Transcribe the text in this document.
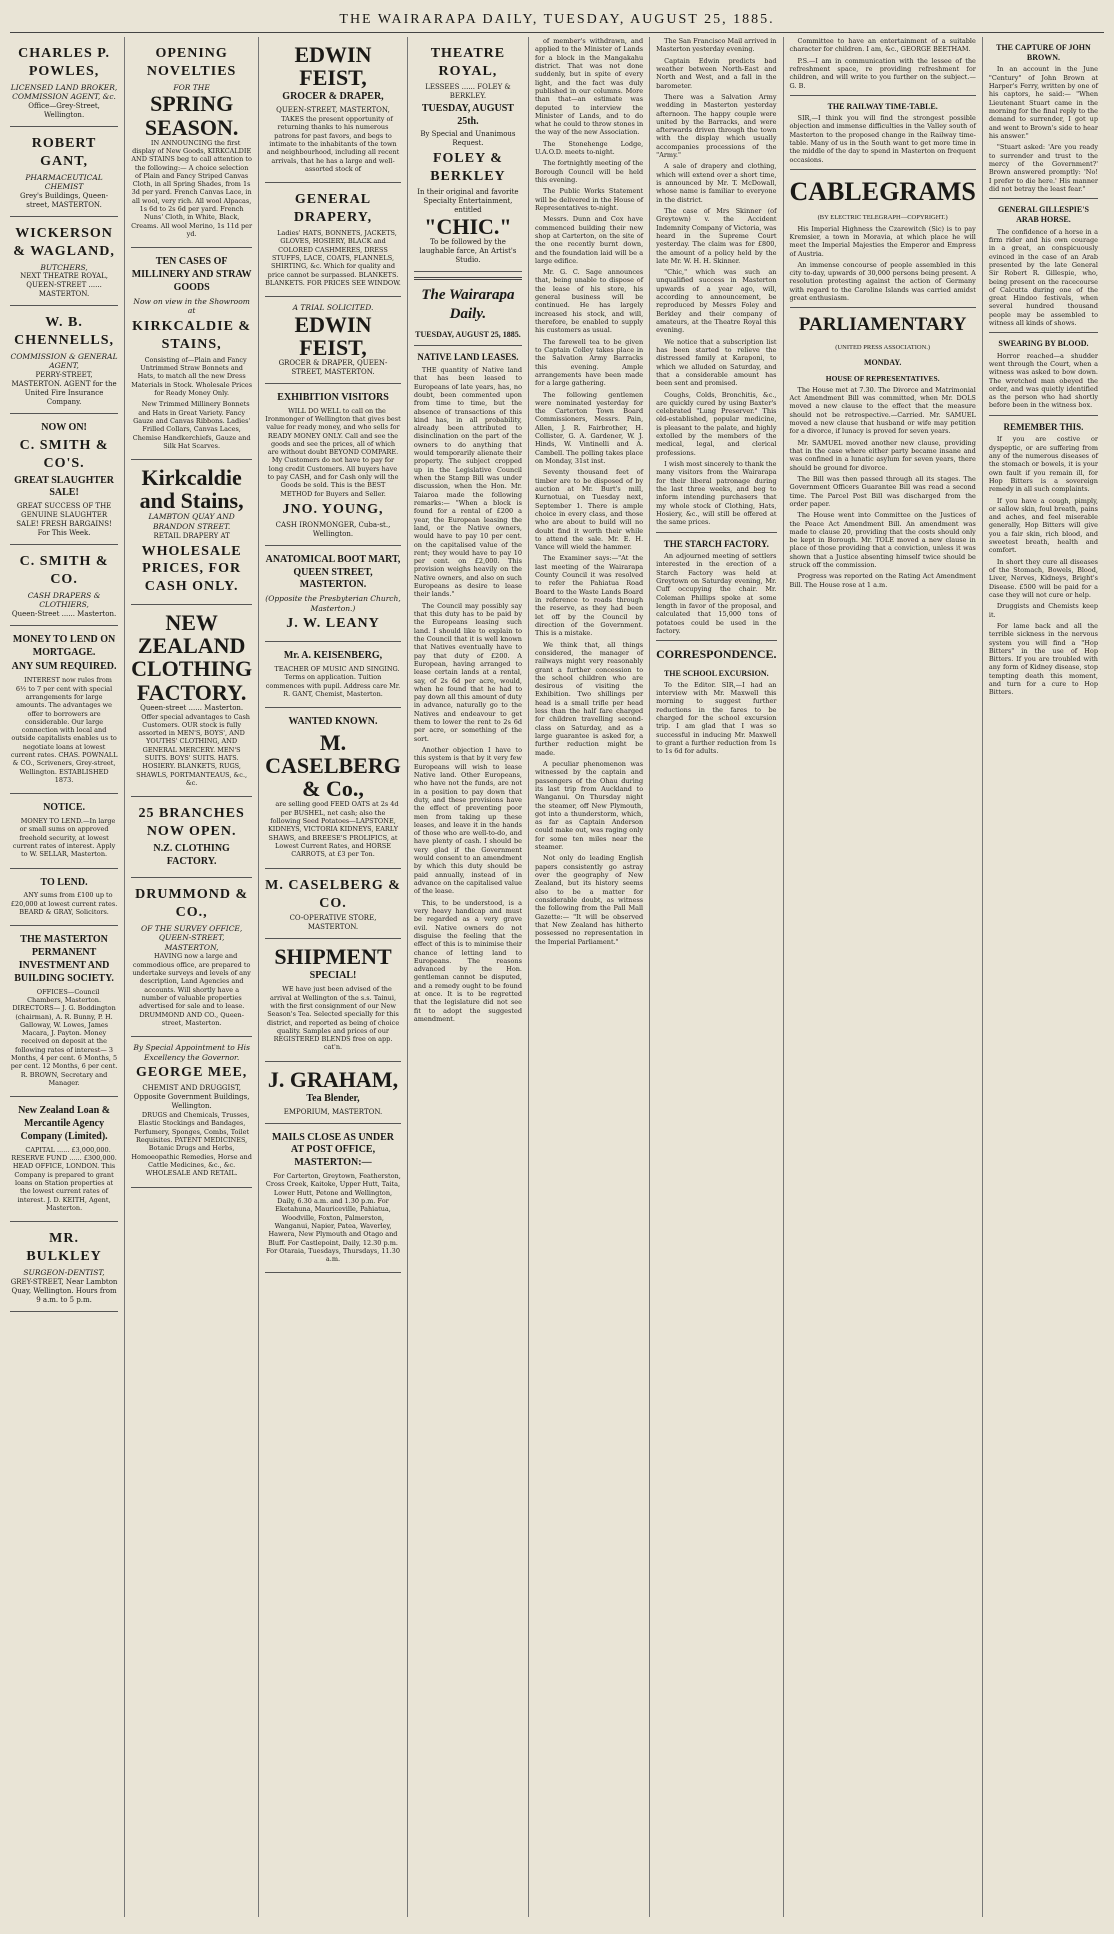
THE WAIRARAPA DAILY, TUESDAY, AUGUST 25, 1885.
CHARLES P. POWLES,
LICENSED LAND BROKER, COMMISSION AGENT, &c.
Office—Grey-Street, Wellington.
ROBERT GANT,
PHARMACEUTICAL CHEMIST
Grey's Buildings, Queen-street, MASTERTON.
WICKERSON & WAGLAND,
BUTCHERS,
NEXT THEATRE ROYAL, QUEEN-STREET ...... MASTERTON.
W. B. CHENNELLS,
COMMISSION & GENERAL AGENT,
PERRY-STREET, MASTERTON. AGENT for the United Fire Insurance Company.
NOW ON!
C. SMITH & CO'S.
GREAT SLAUGHTER SALE!
GREAT SUCCESS OF THE GENUINE SLAUGHTER SALE! FRESH BARGAINS! For This Week.
C. SMITH & CO.
CASH DRAPERS & CLOTHIERS,
Queen-Street ...... Masterton.
MONEY TO LEND ON MORTGAGE.
ANY SUM REQUIRED.

INTEREST now rules from 6½ to 7 per cent with special arrangements for large amounts. The advantages we offer to borrowers are considerable. Our large connection with local and outside capitalists enables us to negotiate loans at lowest current rates. CHAS. POWNALL & CO., Scriveners, Grey-street, Wellington. ESTABLISHED 1873.

NOTICE.

MONEY TO LEND.—In large or small sums on approved freehold security, at lowest current rates of interest. Apply to W. SELLAR, Masterton.

TO LEND.

ANY sums from £100 up to £20,000 at lowest current rates. BEARD & GRAY, Solicitors.

THE MASTERTON PERMANENT INVESTMENT AND BUILDING SOCIETY.

OFFICES—Council Chambers, Masterton. DIRECTORS— J. G. Boddington (chairman), A. R. Bunny, P. H. Galloway, W. Lowes, James Macara, J. Payton. Money received on deposit at the following rates of interest— 3 Months, 4 per cent. 6 Months, 5 per cent. 12 Months, 6 per cent. R. BROWN, Secretary and Manager.

New Zealand Loan & Mercantile Agency Company (Limited).

CAPITAL ...... £3,000,000. RESERVE FUND ...... £300,000. HEAD OFFICE, LONDON. This Company is prepared to grant loans on Station properties at the lowest current rates of interest. J. D. KEITH, Agent, Masterton.

MR. BULKLEY
SURGEON-DENTIST,
GREY-STREET, Near Lambton Quay, Wellington. Hours from 9 a.m. to 5 p.m.
OPENING NOVELTIES
FOR THE
SPRING SEASON.

IN ANNOUNCING the first display of New Goods, KIRKCALDIE AND STAINS beg to call attention to the following:— A choice selection of Plain and Fancy Striped Canvas Cloth, in all Spring Shades, from 1s 3d per yard. French Canvas Lace, in all wool, very rich. All wool Alpacas, 1s 6d to 2s 6d per yard. French Nuns' Cloth, in White, Black, Creams. All wool Merino, 1s 11d per yd.

TEN CASES OF MILLINERY AND STRAW GOODS
Now on view in the Showroom at
KIRKCALDIE & STAINS,

Consisting of—Plain and Fancy Untrimmed Straw Bonnets and Hats, to match all the new Dress Materials in Stock. Wholesale Prices for Ready Money Only.

New Trimmed Millinery Bonnets and Hats in Great Variety. Fancy Gauze and Canvas Ribbons. Ladies' Frilled Collars, Canvas Laces, Chemise Handkerchiefs, Gauze and Silk Hat Scarves.

Kirkcaldie and Stains,
LAMBTON QUAY AND BRANDON STREET.
RETAIL DRAPERY AT
WHOLESALE PRICES, FOR CASH ONLY.
NEW ZEALAND CLOTHING FACTORY.
Queen-street ...... Masterton.

Offer special advantages to Cash Customers. OUR stock is fully assorted in MEN'S, BOYS', AND YOUTHS' CLOTHING, AND GENERAL MERCERY. MEN'S SUITS. BOYS' SUITS. HATS. HOSIERY. BLANKETS, RUGS, SHAWLS, PORTMANTEAUS, &c., &c.

25 BRANCHES NOW OPEN.
N.Z. CLOTHING FACTORY.
DRUMMOND & CO.,
OF THE SURVEY OFFICE, QUEEN-STREET, MASTERTON,

HAVING now a large and commodious office, are prepared to undertake surveys and levels of any description, Land Agencies and accounts. Will shortly have a number of valuable properties advertised for sale and to lease. DRUMMOND AND CO., Queen-street, Masterton.

By Special Appointment to His Excellency the Governor.
GEORGE MEE,
CHEMIST AND DRUGGIST, Opposite Government Buildings, Wellington.

DRUGS and Chemicals, Trusses, Elastic Stockings and Bandages, Perfumery, Sponges, Combs, Toilet Requisites. PATENT MEDICINES, Botanic Drugs and Herbs, Homoeopathic Remedies, Horse and Cattle Medicines, &c., &c. WHOLESALE AND RETAIL.

EDWIN FEIST,
GROCER & DRAPER,
QUEEN-STREET, MASTERTON,

TAKES the present opportunity of returning thanks to his numerous patrons for past favors, and begs to intimate to the inhabitants of the town and neighbourhood, including all recent arrivals, that he has a large and well-assorted stock of

GENERAL DRAPERY,

Ladies' HATS, BONNETS, JACKETS, GLOVES, HOSIERY, BLACK and COLORED CASHMERES, DRESS STUFFS, LACE, COATS, FLANNELS, SHIRTING, &c. Which for quality and price cannot be surpassed. BLANKETS. BLANKETS. FOR PRICES SEE WINDOW.

A TRIAL SOLICITED.
EDWIN FEIST,
GROCER & DRAPER, QUEEN-STREET, MASTERTON.
EXHIBITION VISITORS

WILL DO WELL to call on the Ironmonger of Wellington that gives best value for ready money, and who sells for READY MONEY ONLY. Call and see the goods and see the prices, all of which are without doubt BEYOND COMPARE. My Customers do not have to pay for long credit Customers. All buyers have to pay CASH, and for Cash only will the Goods be sold. This is the BEST METHOD for Buyers and Seller.

JNO. YOUNG,
CASH IRONMONGER, Cuba-st., Wellington.
ANATOMICAL BOOT MART, QUEEN STREET, MASTERTON.
(Opposite the Presbyterian Church, Masterton.)
J. W. LEANY
Mr. A. KEISENBERG,

TEACHER OF MUSIC AND SINGING. Terms on application. Tuition commences with pupil. Address care Mr. R. GANT, Chemist, Masterton.

WANTED KNOWN.
M. CASELBERG & Co.,

are selling good FEED OATS at 2s 4d per BUSHEL, net cash; also the following Seed Potatoes—LAPSTONE, KIDNEYS, VICTORIA KIDNEYS, EARLY SHAWS, and BREESE'S PROLIFICS, at Lowest Current Rates, and HORSE CARROTS, at £3 per Ton.

M. CASELBERG & CO.
CO-OPERATIVE STORE, MASTERTON.
SHIPMENT
SPECIAL!

WE have just been advised of the arrival at Wellington of the s.s. Tainui, with the first consignment of our New Season's Tea. Selected specially for this district, and reported as being of choice quality. Samples and prices of our REGISTERED BLENDS free on app. cat'n.

J. GRAHAM,
Tea Blender,
EMPORIUM, MASTERTON.
MAILS CLOSE AS UNDER AT POST OFFICE, MASTERTON:—

For Carterton, Greytown, Featherston, Cross Creek, Kaitoke, Upper Hutt, Taita, Lower Hutt, Petone and Wellington, Daily, 6.30 a.m. and 1.30 p.m. For Eketahuna, Mauriceville, Pahiatua, Woodville, Foxton, Palmerston, Wanganui, Napier, Patea, Waverley, Hawera, New Plymouth and Otago and Bluff. For Castlepoint, Daily, 12.30 p.m. For Otaraia, Tuesdays, Thursdays, 11.30 a.m.

THEATRE ROYAL,
LESSEES ...... FOLEY & BERKLEY.
TUESDAY, AUGUST 25th.
By Special and Unanimous Request.
FOLEY & BERKLEY
In their original and favorite Specialty Entertainment, entitled
"CHIC."
To be followed by the laughable farce, An Artist's Studio.
The Wairarapa Daily.
TUESDAY, AUGUST 25, 1885.
NATIVE LAND LEASES.

THE quantity of Native land that has been leased to Europeans of late years, has, no doubt, been commented upon from time to time, but the absence of transactions of this kind has, in all probability, already been attributed to disinclination on the part of the owners to do anything that would temporarily alienate their property. The subject cropped up in the Legislative Council when the Stamp Bill was under discussion, when the Hon. Mr. Taiaroa made the following remarks:— "When a block is found for a rental of £200 a year, the European leasing the land, or the Native owners, would have to pay 10 per cent. on the capitalised value of the rent; they would have to pay 10 per cent. on £2,000. This provision weighs heavily on the Native owners, and also on such Europeans as desire to lease their lands."

The Council may possibly say that this duty has to be paid by the Europeans leasing such land. I should like to explain to the Council that it is well known that Natives eventually have to pay that duty of £200. A European, having arranged to lease certain lands at a rental, say, of 2s 6d per acre, would, when he found that he had to pay down all this amount of duty in advance, naturally go to the Natives and endeavour to get them to lower the rent to 2s 6d per acre, or something of the sort.

Another objection I have to this system is that by it very few Europeans will wish to lease Native land. Other Europeans, who have not the funds, are not in a position to pay down that duty, and these provisions have the effect of preventing poor men from taking up these leases, and leave it in the hands of those who are well-to-do, and have plenty of cash. I should be very glad if the Government would consent to an amendment by which this duty should be paid annually, instead of in advance on the capitalised value of the lease.

This, to be understood, is a very heavy handicap and must be regarded as a very grave evil. Native owners do not disguise the feeling that the effect of this is to minimise their chance of letting land to Europeans. The reasons advanced by the Hon. gentleman cannot be disputed, and a remedy ought to be found at once. It is to be regretted that the legislature did not see fit to adopt the suggested amendment.

of member's withdrawn, and applied to the Minister of Lands for a block in the Mangakahu district. That was not done suddenly, but in spite of every light, and the fact was duly published in our columns. More than that—an estimate was deputed to interview the Minister of Lands, and to do what he could to throw stones in the way of the new Association.

The Stonehenge Lodge, U.A.O.D. meets to-night.

The fortnightly meeting of the Borough Council will be held this evening.

The Public Works Statement will be delivered in the House of Representatives to-night.

Messrs. Dunn and Cox have commenced building their new shop at Carterton, on the site of the one recently burnt down, and the foundation laid will be a large edifice.

Mr. G. C. Sage announces that, being unable to dispose of the lease of his store, his general business will be continued. He has largely increased his stock, and will, therefore, be enabled to supply his customers as usual.

The farewell tea to be given to Captain Colley takes place in the Salvation Army Barracks this evening. Ample arrangements have been made for a large gathering.

The following gentlemen were nominated yesterday for the Carterton Town Board Commissioners, Messrs. Pain, Allen, J. R. Fairbrother, H. Collister, G. A. Gardener, W. J. Hinds, W. Vintinelli and A. Cambell. The polling takes place on Monday, 31st inst.

Seventy thousand feet of timber are to be disposed of by auction at Mr. Burt's mill, Kurnotuai, on Tuesday next, September 1. There is ample choice in every class, and those who are about to build will no doubt find it worth their while to attend the sale. Mr. E. H. Vance will wield the hammer.

The Examiner says:—"At the last meeting of the Wairarapa County Council it was resolved to refer the Pahiatua Road Board to the Waste Lands Board in reference to roads through the reserve, as they had been let off by the Council by direction of the Government. This is a mistake.

We think that, all things considered, the manager of railways might very reasonably grant a further concession to the school children who are desirous of visiting the Exhibition. Two shillings per head is a small trifle per head less than the half fare charged for children travelling second-class on Saturday, and as a large guarantee is asked for, a further reduction might be made.

A peculiar phenomenon was witnessed by the captain and passengers of the Ohau during its last trip from Auckland to Wanganui. On Thursday night the steamer, off New Plymouth, got into a thunderstorm, which, as far as Captain Anderson could make out, was raging only for some ten miles near the steamer.

Not only do leading English papers consistently go astray over the geography of New Zealand, but its history seems also to be a matter for considerable doubt, as witness the following from the Pall Mall Gazette:— "It will be observed that New Zealand has hitherto possessed no representation in the Imperial Parliament."

The San Francisco Mail arrived in Masterton yesterday evening.

Captain Edwin predicts bad weather between North-East and North and West, and a fall in the barometer.

There was a Salvation Army wedding in Masterton yesterday afternoon. The happy couple were united by the Barracks, and were afterwards driven through the town with the display which usually accompanies processions of the "Army."

A sale of drapery and clothing, which will extend over a short time, is announced by Mr. T. McDowall, whose name is familiar to everyone in the district.

The case of Mrs Skinner (of Greytown) v. the Accident Indemnity Company of Victoria, was heard in the Supreme Court yesterday. The claim was for £800, the amount of a policy held by the late Mr. W. H. H. Skinner.

"Chic," which was such an unqualified success in Masterton upwards of a year ago, will, according to announcement, be reproduced by Messrs Foley and Berkley and their company of amateurs, at the Theatre Royal this evening.

We notice that a subscription list has been started to relieve the distressed family at Karaponi, to which we alluded on Saturday, and that a considerable amount has been sent and promised.

Coughs, Colds, Bronchitis, &c., are quickly cured by using Baxter's celebrated "Lung Preserver." This old-established, popular medicine, is pleasant to the palate, and highly extolled by the members of the medical, legal, and clerical professions.

I wish most sincerely to thank the many visitors from the Wairarapa for their liberal patronage during the last three weeks, and beg to inform intending purchasers that my whole stock of Clothing, Hats, Hosiery, &c., will still be offered at the same prices.

THE STARCH FACTORY.

An adjourned meeting of settlers interested in the erection of a Starch Factory was held at Greytown on Saturday evening, Mr. Cuff occupying the chair. Mr. Coleman Phillips spoke at some length in favor of the proposal, and calculated that 15,000 tons of potatoes could be used in the factory.

CORRESPONDENCE.
THE SCHOOL EXCURSION.

To the Editor. SIR,—I had an interview with Mr. Maxwell this morning to suggest further reductions in the fares to be charged for the school excursion trip. I am glad that I was so successful in inducing Mr. Maxwell to grant a further reduction from 1s to 1s 6d for adults.

Committee to have an entertainment of a suitable character for children. I am, &c., GEORGE BEETHAM.

P.S.—I am in communication with the lessee of the refreshment space, re providing refreshment for children, and will write to you further on the subject.—G. B.

THE RAILWAY TIME-TABLE.

SIR,—I think you will find the strongest possible objection and immense difficulties in the Valley south of Masterton to the proposed change in the Railway time-table. Many of us in the South want to get more time in the middle of the day to spend in Masterton on frequent occasions.

CABLEGRAMS
(BY ELECTRIC TELEGRAPH—COPYRIGHT.)

His Imperial Highness the Czarewitch (Sic) is to pay Kremsier, a town in Moravia, at which place he will meet the Imperial Majesties the Emperor and Empress of Austria.

An immense concourse of people assembled in this city to-day, upwards of 30,000 persons being present. A resolution protesting against the action of Germany with regard to the Caroline Islands was carried amidst great enthusiasm.

PARLIAMENTARY
(UNITED PRESS ASSOCIATION.)
MONDAY.
HOUSE OF REPRESENTATIVES.

The House met at 7.30. The Divorce and Matrimonial Act Amendment Bill was committed, when Mr. DOLS moved a new clause to the effect that the measure should not be retrospective.—Carried. Mr. SAMUEL moved a new clause that husband or wife may petition for a divorce, if lunacy is proved for seven years.

Mr. SAMUEL moved another new clause, providing that in the case where either party became insane and was confined in a lunatic asylum for seven years, there should be ground for divorce.

The Bill was then passed through all its stages. The Government Officers Guarantee Bill was read a second time. The Parcel Post Bill was discharged from the order paper.

The House went into Committee on the Justices of the Peace Act Amendment Bill. An amendment was made to clause 20, providing that the costs should only be kept in Borough. Mr. TOLE moved a new clause in place of those providing that a conviction, unless it was shown that a Justice absenting himself twice should be struck off the commission.

Progress was reported on the Rating Act Amendment Bill. The House rose at 1 a.m.

THE CAPTURE OF JOHN BROWN.

In an account in the June "Century" of John Brown at Harper's Ferry, written by one of his captors, he said:— "When Lieutenant Stuart came in the morning for the final reply to the demand to surrender, I got up and went to Brown's side to hear his answer."

"Stuart asked: 'Are you ready to surrender and trust to the mercy of the Government?' Brown answered promptly: 'No! I prefer to die here.' His manner did not betray the least fear."

GENERAL GILLESPIE'S ARAB HORSE.

The confidence of a horse in a firm rider and his own courage in a great, an conspicuously evinced in the case of an Arab presented by the late General Sir Robert R. Gillespie, who, being present on the racecourse of Calcutta during one of the great Hindoo festivals, when several hundred thousand people may be assembled to witness all kinds of shows.

SWEARING BY BLOOD.

Horror reached—a shudder went through the Court, when a witness was asked to bow down. The wretched man obeyed the order, and was quietly identified as the person who had shortly before been in the witness box.

REMEMBER THIS.

If you are costive or dyspeptic, or are suffering from any of the numerous diseases of the stomach or bowels, it is your own fault if you remain ill, for Hop Bitters is a sovereign remedy in all such complaints.

If you have a cough, pimply, or sallow skin, foul breath, pains and aches, and feel miserable generally, Hop Bitters will give you a fair skin, rich blood, and sweetest breath, health and comfort.

In short they cure all diseases of the Stomach, Bowels, Blood, Liver, Nerves, Kidneys, Bright's Disease. £500 will be paid for a case they will not cure or help.

Druggists and Chemists keep it.

For lame back and all the terrible sickness in the nervous system you will find a "Hop Bitters" in the use of Hop Bitters. If you are troubled with any form of Kidney disease, stop tempting death this moment, and turn for a cure to Hop Bitters.
